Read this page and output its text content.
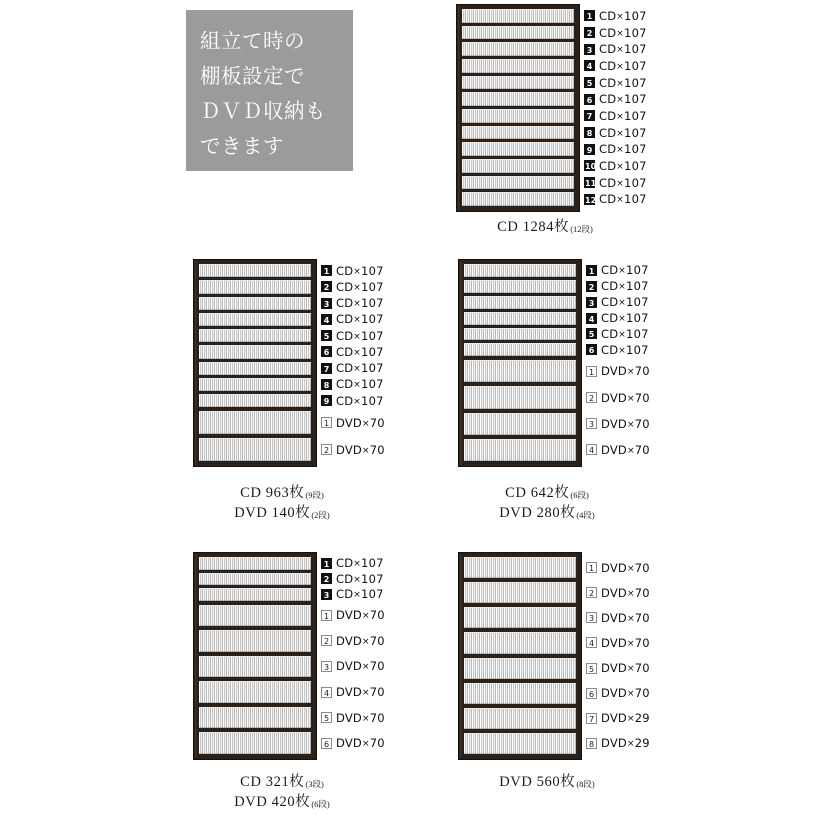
組立て時の
棚板設定で
ＤＶＤ収納も
できます
1 CD×107
2 CD×107
3 CD×107
4 CD×107
5 CD×107
6 CD×107
7 CD×107
8 CD×107
9 CD×107
10 CD×107
11 CD×107
12 CD×107
CD 1284枚(12段)
1 CD×107
2 CD×107
3 CD×107
4 CD×107
5 CD×107
6 CD×107
7 CD×107
8 CD×107
9 CD×107
1 DVD×70
2 DVD×70
CD 963枚(9段)
DVD 140枚(2段)
1 CD×107
2 CD×107
3 CD×107
4 CD×107
5 CD×107
6 CD×107
1 DVD×70
2 DVD×70
3 DVD×70
4 DVD×70
CD 642枚(6段)
DVD 280枚(4段)
1 CD×107
2 CD×107
3 CD×107
1 DVD×70
2 DVD×70
3 DVD×70
4 DVD×70
5 DVD×70
6 DVD×70
CD 321枚(3段)
DVD 420枚(6段)
1 DVD×70
2 DVD×70
3 DVD×70
4 DVD×70
5 DVD×70
6 DVD×70
7 DVD×29
8 DVD×29
DVD 560枚(8段)
